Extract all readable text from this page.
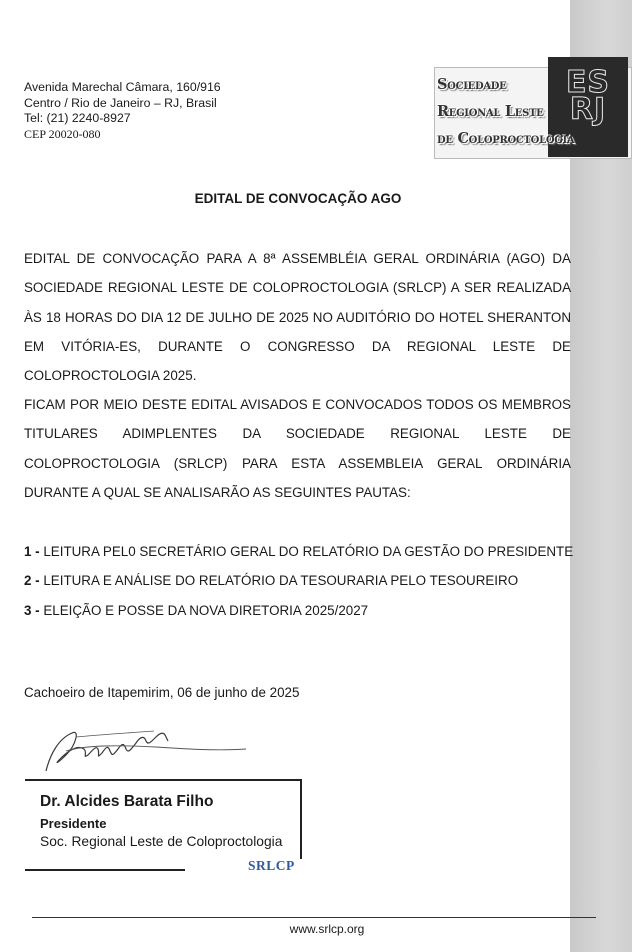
Avenida Marechal Câmara, 160/916
Centro / Rio de Janeiro – RJ, Brasil
Tel: (21) 2240-8927
CEP 20020-080
ES
RJ
Sociedade
Regional Leste
de Coloproctologia
EDITAL DE CONVOCAÇÃO AGO
EDITAL DE CONVOCAÇÃO PARA A 8ª ASSEMBLÉIA GERAL ORDINÁRIA (AGO) DA SOCIEDADE REGIONAL LESTE DE COLOPROCTOLOGIA (SRLCP) A SER REALIZADA ÀS 18 HORAS DO DIA 12 DE JULHO DE 2025 NO AUDITÓRIO DO HOTEL SHERANTON EM VITÓRIA-ES, DURANTE O CONGRESSO DA REGIONAL LESTE DE COLOPROCTOLOGIA 2025.
FICAM POR MEIO DESTE EDITAL AVISADOS E CONVOCADOS TODOS OS MEMBROS TITULARES ADIMPLENTES DA SOCIEDADE REGIONAL LESTE DE COLOPROCTOLOGIA (SRLCP) PARA ESTA ASSEMBLEIA GERAL ORDINÁRIA DURANTE A QUAL SE ANALISARÃO AS SEGUINTES PAUTAS:
1 - LEITURA PEL0 SECRETÁRIO GERAL DO RELATÓRIO DA GESTÃO DO PRESIDENTE
2 - LEITURA E ANÁLISE DO RELATÓRIO DA TESOURARIA PELO TESOUREIRO
3 - ELEIÇÃO E POSSE DA NOVA DIRETORIA 2025/2027
Cachoeiro de Itapemirim, 06 de junho de 2025
Dr. Alcides Barata Filho
Presidente
Soc. Regional Leste de Coloproctologia
SRLCP
www.srlcp.org
